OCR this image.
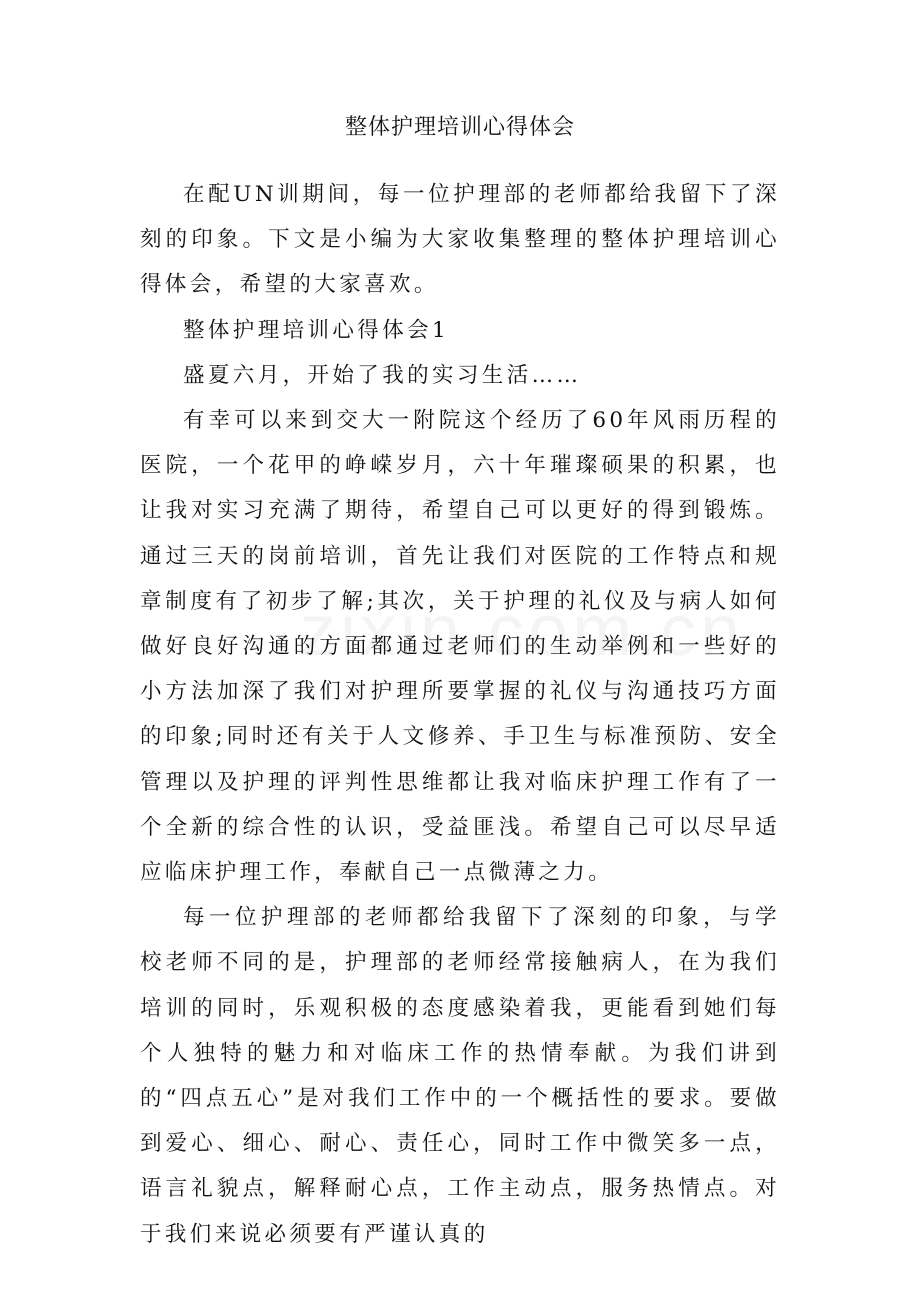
整体护理培训心得体会

在配UN训期间，每一位护理部的老师都给我留下了深刻的印象。下文是小编为大家收集整理的整体护理培训心得体会，希望的大家喜欢。

整体护理培训心得体会1

盛夏六月，开始了我的实习生活……

有幸可以来到交大一附院这个经历了60年风雨历程的医院，一个花甲的峥嵘岁月，六十年璀璨硕果的积累，也让我对实习充满了期待，希望自己可以更好的得到锻炼。通过三天的岗前培训，首先让我们对医院的工作特点和规章制度有了初步了解;其次，关于护理的礼仪及与病人如何做好良好沟通的方面都通过老师们的生动举例和一些好的小方法加深了我们对护理所要掌握的礼仪与沟通技巧方面的印象;同时还有关于人文修养、手卫生与标准预防、安全管理以及护理的评判性思维都让我对临床护理工作有了一个全新的综合性的认识，受益匪浅。希望自己可以尽早适应临床护理工作，奉献自己一点微薄之力。

每一位护理部的老师都给我留下了深刻的印象，与学校老师不同的是，护理部的老师经常接触病人，在为我们培训的同时，乐观积极的态度感染着我，更能看到她们每个人独特的魅力和对临床工作的热情奉献。为我们讲到的“四点五心”是对我们工作中的一个概括性的要求。要做到爱心、细心、耐心、责任心，同时工作中微笑多一点，语言礼貌点，解释耐心点，工作主动点，服务热情点。对于我们来说必须要有严谨认真的
